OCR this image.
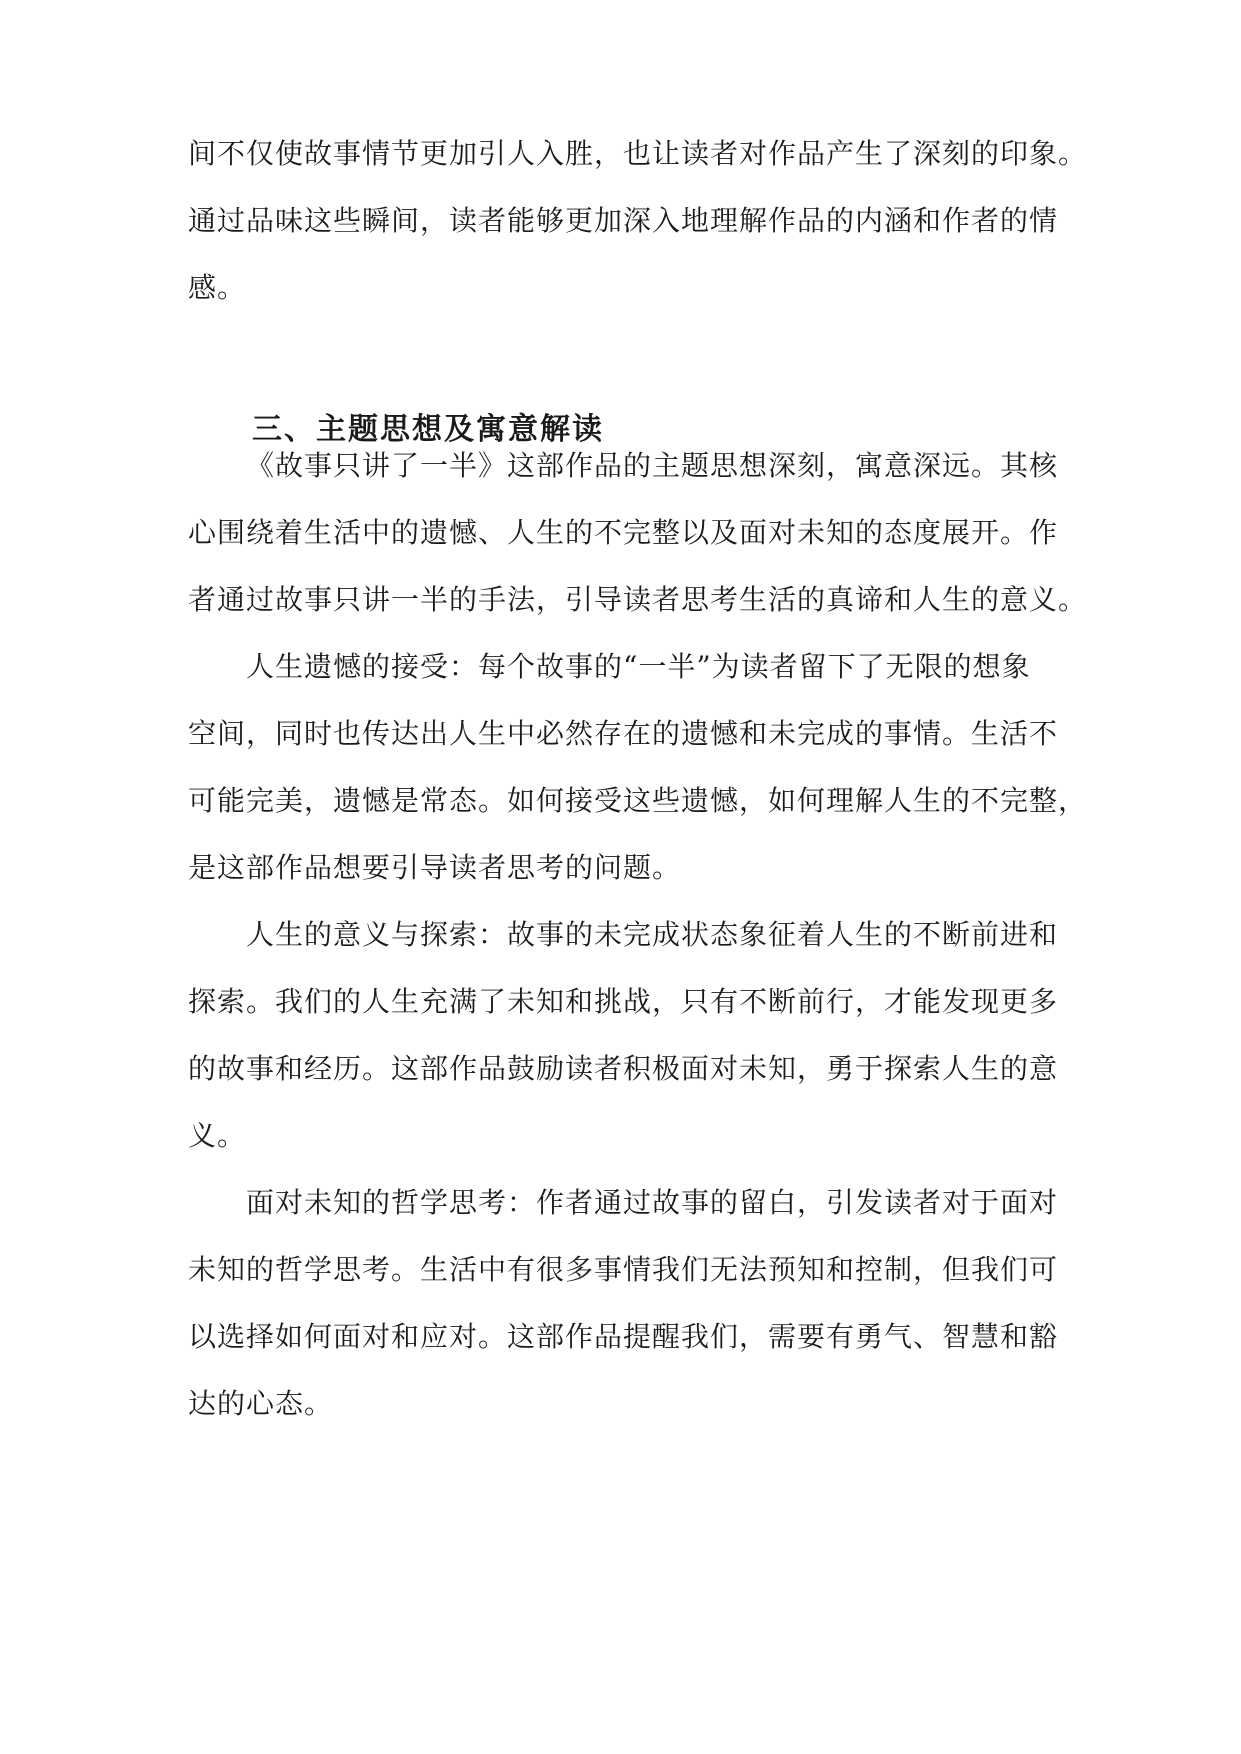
间不仅使故事情节更加引人入胜，也让读者对作品产生了深刻的印象。

通过品味这些瞬间，读者能够更加深入地理解作品的内涵和作者的情

感。

三、主题思想及寓意解读

《故事只讲了一半》这部作品的主题思想深刻，寓意深远。其核

心围绕着生活中的遗憾、人生的不完整以及面对未知的态度展开。作

者通过故事只讲一半的手法，引导读者思考生活的真谛和人生的意义。

人生遗憾的接受：每个故事的“一半”为读者留下了无限的想象

空间，同时也传达出人生中必然存在的遗憾和未完成的事情。生活不

可能完美，遗憾是常态。如何接受这些遗憾，如何理解人生的不完整，

是这部作品想要引导读者思考的问题。

人生的意义与探索：故事的未完成状态象征着人生的不断前进和

探索。我们的人生充满了未知和挑战，只有不断前行，才能发现更多

的故事和经历。这部作品鼓励读者积极面对未知，勇于探索人生的意

义。

面对未知的哲学思考：作者通过故事的留白，引发读者对于面对

未知的哲学思考。生活中有很多事情我们无法预知和控制，但我们可

以选择如何面对和应对。这部作品提醒我们，需要有勇气、智慧和豁

达的心态。
